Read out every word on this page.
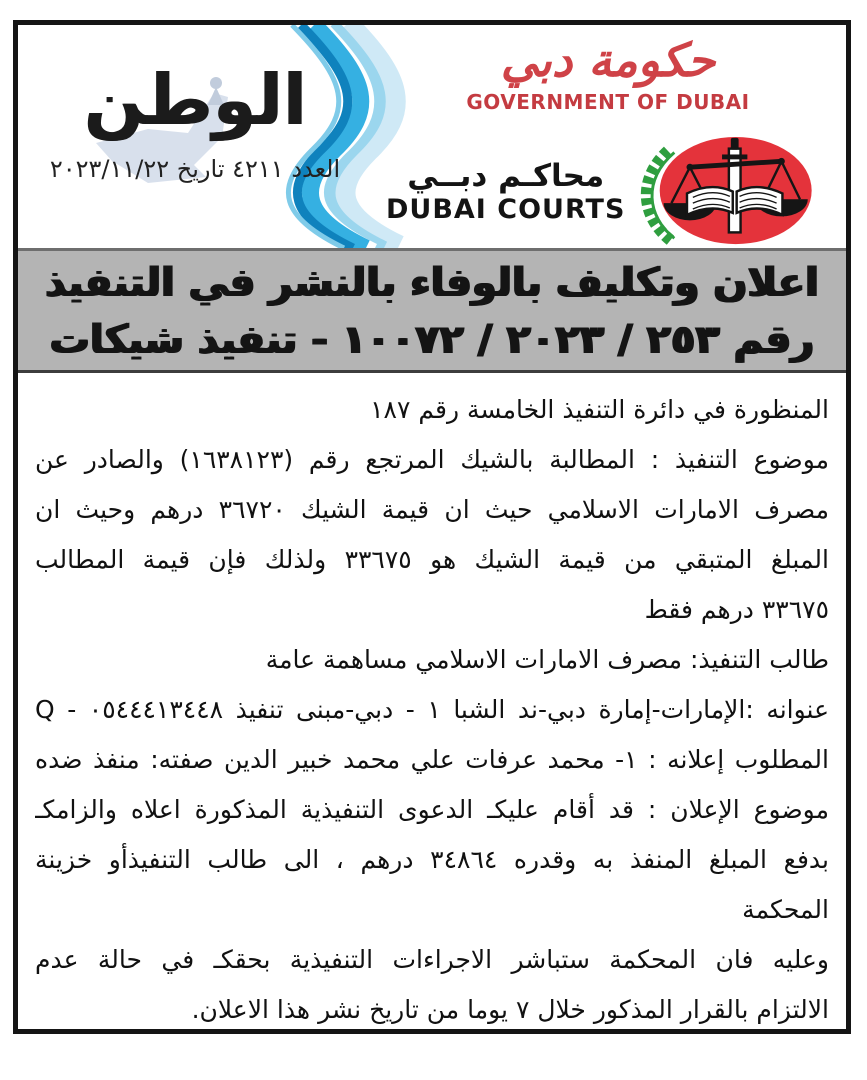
الوطن
العدد ٤٢١١ تاريخ ٢٠٢٣/١١/٢٢
حكومة دبي
GOVERNMENT OF DUBAI
محاكـم دبــي
DUBAI COURTS
اعلان وتكليف بالوفاء بالنشر في التنفيذ
رقم ٢٥٣ / ٢٠٢٣ / ١٠٠٧٢ - تنفيذ شيكات
المنظورة في دائرة التنفيذ الخامسة رقم ١٨٧
موضوع التنفيذ : المطالبة بالشيك المرتجع رقم (١٦٣٨١٢٣) والصادر عن
مصرف الامارات الاسلامي حيث ان قيمة الشيك ٣٦٧٢٠ درهم وحيث ان
المبلغ المتبقي من قيمة الشيك هو ٣٣٦٧٥ ولذلك فإن قيمة المطالب
٣٣٦٧٥ درهم فقط
طالب التنفيذ: مصرف الامارات الاسلامي مساهمة عامة
عنوانه :الإمارات-إمارة دبي-ند الشبا ١ - دبي-مبنى تنفيذ ٠٥٤٤٤١٣٤٤٨ - Q
المطلوب إعلانه : ١- محمد عرفات علي محمد خبير الدين صفته: منفذ ضده
موضوع الإعلان : قد أقام عليكـ الدعوى التنفيذية المذكورة اعلاه والزامكـ
بدفع المبلغ المنفذ به وقدره ٣٤٨٦٤ درهم ، الى طالب التنفيذأو خزينة
المحكمة
وعليه فان المحكمة ستباشر الاجراءات التنفيذية بحقكـ في حالة عدم
الالتزام بالقرار المذكور خلال ٧ يوما من تاريخ نشر هذا الاعلان.
